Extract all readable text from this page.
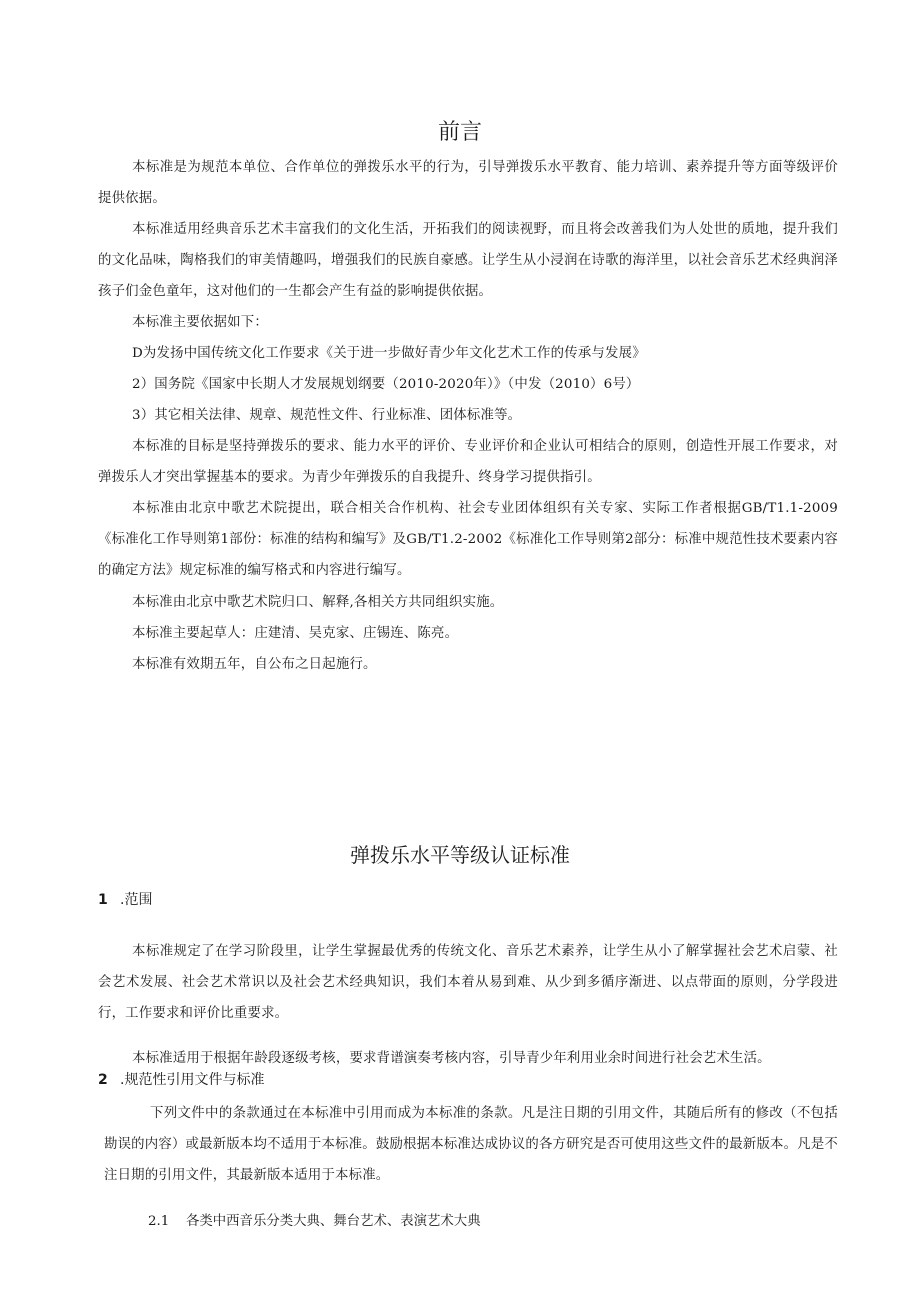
前言

本标准是为规范本单位、合作单位的弹拨乐水平的行为，引导弹拨乐水平教育、能力培训、素养提升等方面等级评价提供依据。

本标准适用经典音乐艺术丰富我们的文化生活，开拓我们的阅读视野，而且将会改善我们为人处世的质地，提升我们的文化品味，陶格我们的审美情趣吗，增强我们的民族自豪感。让学生从小浸润在诗歌的海洋里，以社会音乐艺术经典润泽孩子们金色童年，这对他们的一生都会产生有益的影响提供依据。

本标准主要依据如下：

D为发扬中国传统文化工作要求《关于进一步做好青少年文化艺术工作的传承与发展》

2）国务院《国家中长期人才发展规划纲要（2010-2020年）》（中发（2010）6号）

3）其它相关法律、规章、规范性文件、行业标准、团体标准等。

本标准的目标是坚持弹拨乐的要求、能力水平的评价、专业评价和企业认可相结合的原则，创造性开展工作要求，对弹拨乐人才突出掌握基本的要求。为青少年弹拨乐的自我提升、终身学习提供指引。

本标准由北京中歌艺术院提出，联合相关合作机构、社会专业团体组织有关专家、实际工作者根据GB/T1.1-2009《标准化工作导则第1部份：标准的结构和编写》及GB/T1.2-2002《标准化工作导则第2部分：标准中规范性技术要素内容的确定方法》规定标准的编写格式和内容进行编写。

本标准由北京中歌艺术院归口、解释,各相关方共同组织实施。

本标准主要起草人：庄建清、吴克家、庄锡连、陈亮。

本标准有效期五年，自公布之日起施行。

弹拨乐水平等级认证标准
1 .范围

本标准规定了在学习阶段里，让学生掌握最优秀的传统文化、音乐艺术素养，让学生从小了解掌握社会艺术启蒙、社会艺术发展、社会艺术常识以及社会艺术经典知识，我们本着从易到难、从少到多循序渐进、以点带面的原则，分学段进行，工作要求和评价比重要求。

本标准适用于根据年龄段逐级考核，要求背谱演奏考核内容，引导青少年利用业余时间进行社会艺术生活。

2 .规范性引用文件与标准

下列文件中的条款通过在本标准中引用而成为本标准的条款。凡是注日期的引用文件，其随后所有的修改（不包括勘误的内容）或最新版本均不适用于本标准。鼓励根据本标准达成协议的各方研究是否可使用这些文件的最新版本。凡是不注日期的引用文件，其最新版本适用于本标准。

2.1 各类中西音乐分类大典、舞台艺术、表演艺术大典
